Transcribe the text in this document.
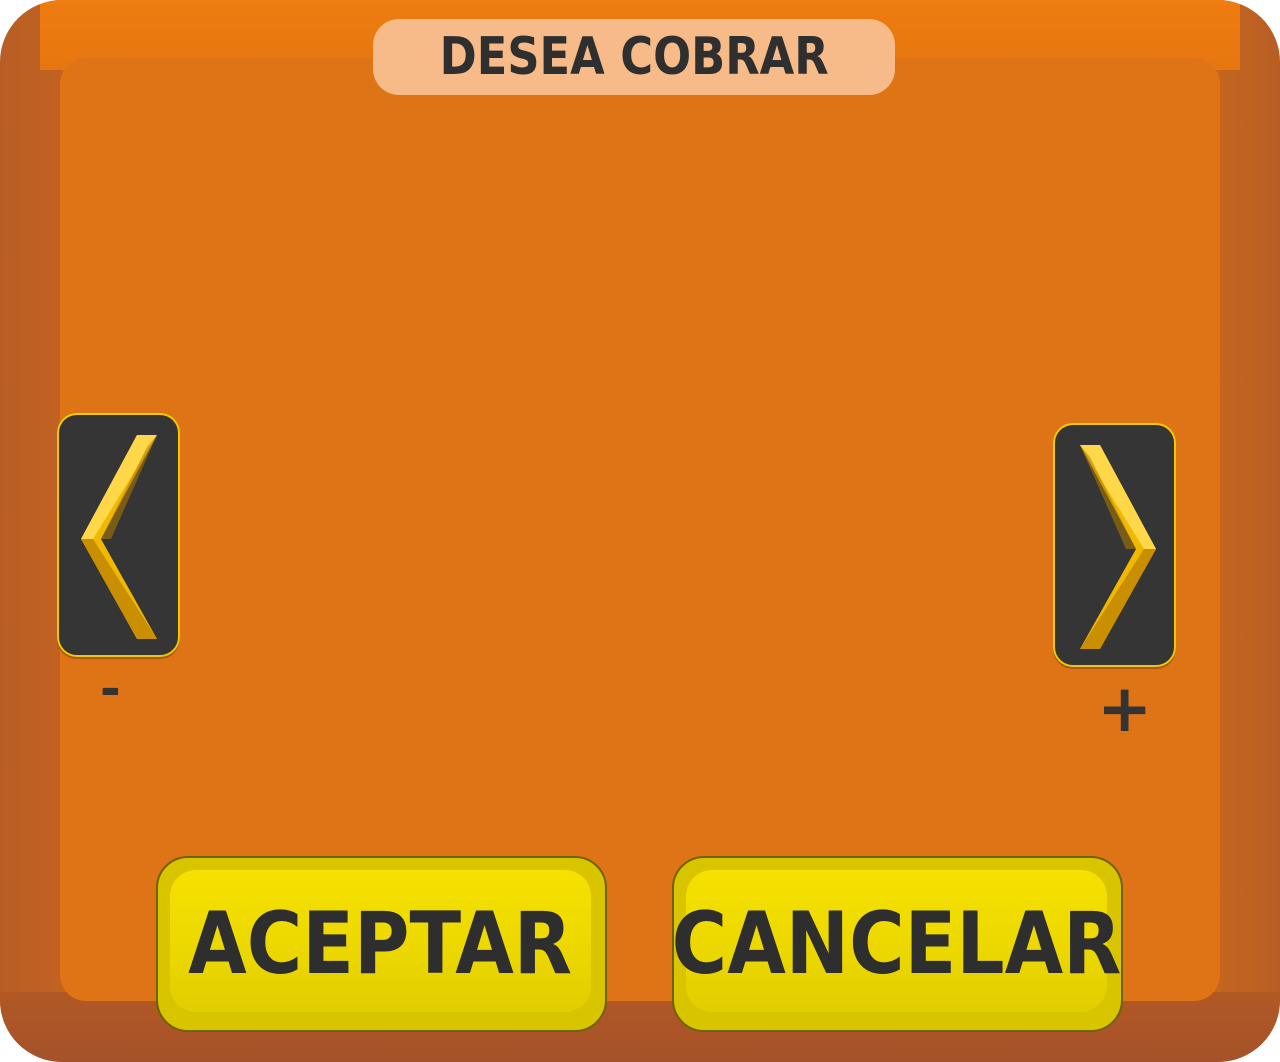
DESEA COBRAR
-	+
ACEPTAR CANCELAR
